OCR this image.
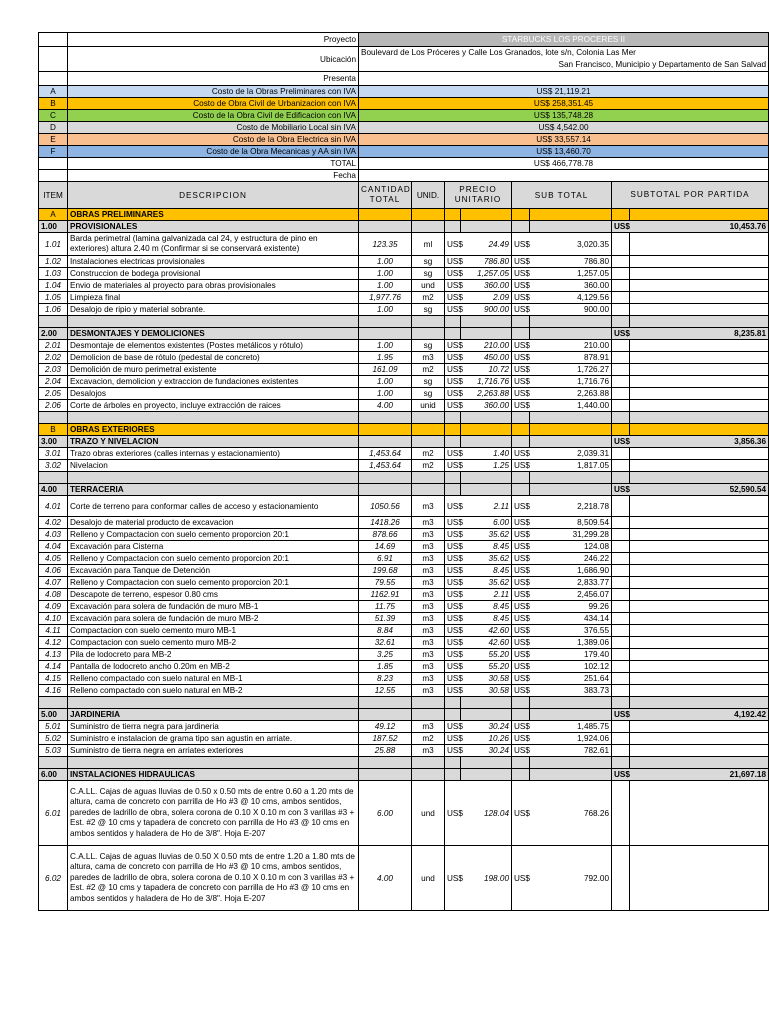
	Proyecto	STARBUCKS LOS PROCERES II							
	Ubicación	Boulevard de Los Próceres y Calle Los Granados, lote s/n, Colonia Las Mer
San Francisco, Municipio y Departamento de San Salvad							

	Presenta								
A	Costo de la Obras Preliminares con IVA	US$ 21,119.21							
B	Costo de Obra Civil de Urbanizacion con IVA	US$ 258,351.45							
C	Costo de la Obra Civil de Edificacion con IVA	US$ 135,748.28							
D	Costo de Mobiliario Local sin IVA	US$ 4,542.00							
E	Costo de la Obra Electrica sin IVA	US$ 33,557.14							
F	Costo de la Obra Mecanicas y AA sin IVA	US$ 13,460.70							
	TOTAL	US$ 466,778.78							
	Fecha								
ITEM	DESCRIPCION	CANTIDAD TOTAL	UNID.	PRECIO UNITARIO		SUB TOTAL		SUBTOTAL POR PARTIDA	
A	OBRAS PRELIMINARES								
1.00	PROVISIONALES							US$	10,453.76
1.01	Barda perimetral (lamina galvanizada cal 24, y estructura de pino en exteriores) altura 2.40 m (Confirmar si se conservará existente)	123.35	ml	US$	24.49	US$	3,020.35		
1.02	Instalaciones electricas provisionales	1.00	sg	US$	786.80	US$	786.80		
1.03	Construccion de bodega provisional	1.00	sg	US$	1,257.05	US$	1,257.05		
1.04	Envio de materiales al proyecto para obras provisionales	1.00	und	US$	360.00	US$	360.00		
1.05	Limpieza final	1,977.76	m2	US$	2.09	US$	4,129.56		
1.06	Desalojo de ripio y material sobrante.	1.00	sg	US$	900.00	US$	900.00		

2.00	DESMONTAJES Y DEMOLICIONES							US$	8,235.81
2.01	Desmontaje de elementos existentes (Postes metálicos y rótulo)	1.00	sg	US$	210.00	US$	210.00		
2.02	Demolicion de base de rótulo (pedestal de concreto)	1.95	m3	US$	450.00	US$	878.91		
2.03	Demolición de muro perimetral existente	161.09	m2	US$	10.72	US$	1,726.27		
2.04	Excavacion, demolicion y extraccion de fundaciones existentes	1.00	sg	US$	1,716.76	US$	1,716.76		
2.05	Desalojos	1.00	sg	US$	2,263.88	US$	2,263.88		
2.06	Corte de árboles en proyecto, incluye extracción de raices	4.00	unid	US$	360.00	US$	1,440.00		

B	OBRAS EXTERIORES								
3.00	TRAZO Y NIVELACION							US$	3,856.36
3.01	Trazo obras exteriores (calles internas y estacionamiento)	1,453.64	m2	US$	1.40	US$	2,039.31		
3.02	Nivelacion	1,453.64	m2	US$	1.25	US$	1,817.05		

4.00	TERRACERIA							US$	52,590.54
4.01	Corte de terreno para conformar calles de acceso y estacionamiento	1050.56	m3	US$	2.11	US$	2,218.78		
4.02	Desalojo de material producto de excavacion	1418.26	m3	US$	6.00	US$	8,509.54		
4.03	Relleno y Compactacion con suelo cemento proporcion 20:1	878.66	m3	US$	35.62	US$	31,299.28		
4.04	Excavación para Cisterna	14.69	m3	US$	8.45	US$	124.08		
4.05	Relleno y Compactacion con suelo cemento proporcion 20:1	6.91	m3	US$	35.62	US$	246.22		
4.06	Excavación para Tanque de Detención	199.68	m3	US$	8.45	US$	1,686.90		
4.07	Relleno y Compactacion con suelo cemento proporcion 20:1	79.55	m3	US$	35.62	US$	2,833.77		
4.08	Descapote de terreno, espesor 0.80 cms	1162.91	m3	US$	2.11	US$	2,456.07		
4.09	Excavación para solera de fundación de muro MB-1	11.75	m3	US$	8.45	US$	99.26		
4.10	Excavación para solera de fundación de muro MB-2	51.39	m3	US$	8.45	US$	434.14		
4.11	Compactacion con suelo cemento muro MB-1	8.84	m3	US$	42.60	US$	376.55		
4.12	Compactacion con suelo cemento muro MB-2	32.61	m3	US$	42.60	US$	1,389.06		
4.13	Pila de lodocreto para MB-2	3.25	m3	US$	55.20	US$	179.40		
4.14	Pantalla de lodocreto ancho 0.20m en MB-2	1.85	m3	US$	55.20	US$	102.12		
4.15	Relleno compactado con suelo natural en MB-1	8.23	m3	US$	30.58	US$	251.64		
4.16	Relleno compactado con suelo natural en MB-2	12.55	m3	US$	30.58	US$	383.73		

5.00	JARDINERIA							US$	4,192.42
5.01	Suministro de tierra negra para jardineria	49.12	m3	US$	30.24	US$	1,485.75		
5.02	Suministro e instalacion de grama tipo san agustin en arriate.	187.52	m2	US$	10.26	US$	1,924.06		
5.03	Suministro de tierra negra en arriates exteriores	25.88	m3	US$	30.24	US$	782.61		

6.00	INSTALACIONES HIDRAULICAS							US$	21,697.18
6.01	C.A.LL. Cajas de aguas lluvias de 0.50 x 0.50 mts de entre 0.60 a 1.20 mts de altura, cama de concreto con parrilla de Ho #3 @ 10 cms, ambos sentidos, paredes de ladrillo de obra, solera corona de 0.10 X 0.10 m con 3 varillas #3 + Est. #2 @ 10 cms y tapadera de concreto con parrilla de Ho #3 @ 10 cms en ambos sentidos y haladera de Ho de 3/8". Hoja E-207	6.00	und	US$	128.04	US$	768.26		
6.02	C.A.LL. Cajas de aguas lluvias de 0.50 X 0.50 mts de entre 1.20 a 1.80 mts de altura, cama de concreto con parrilla de Ho #3 @ 10 cms, ambos sentidos, paredes de ladrillo de obra, solera corona de 0.10 X 0.10 m con 3 varillas #3 + Est. #2 @ 10 cms y tapadera de concreto con parrilla de Ho #3 @ 10 cms en ambos sentidos y haladera de Ho de 3/8". Hoja E-207	4.00	und	US$	198.00	US$	792.00		
